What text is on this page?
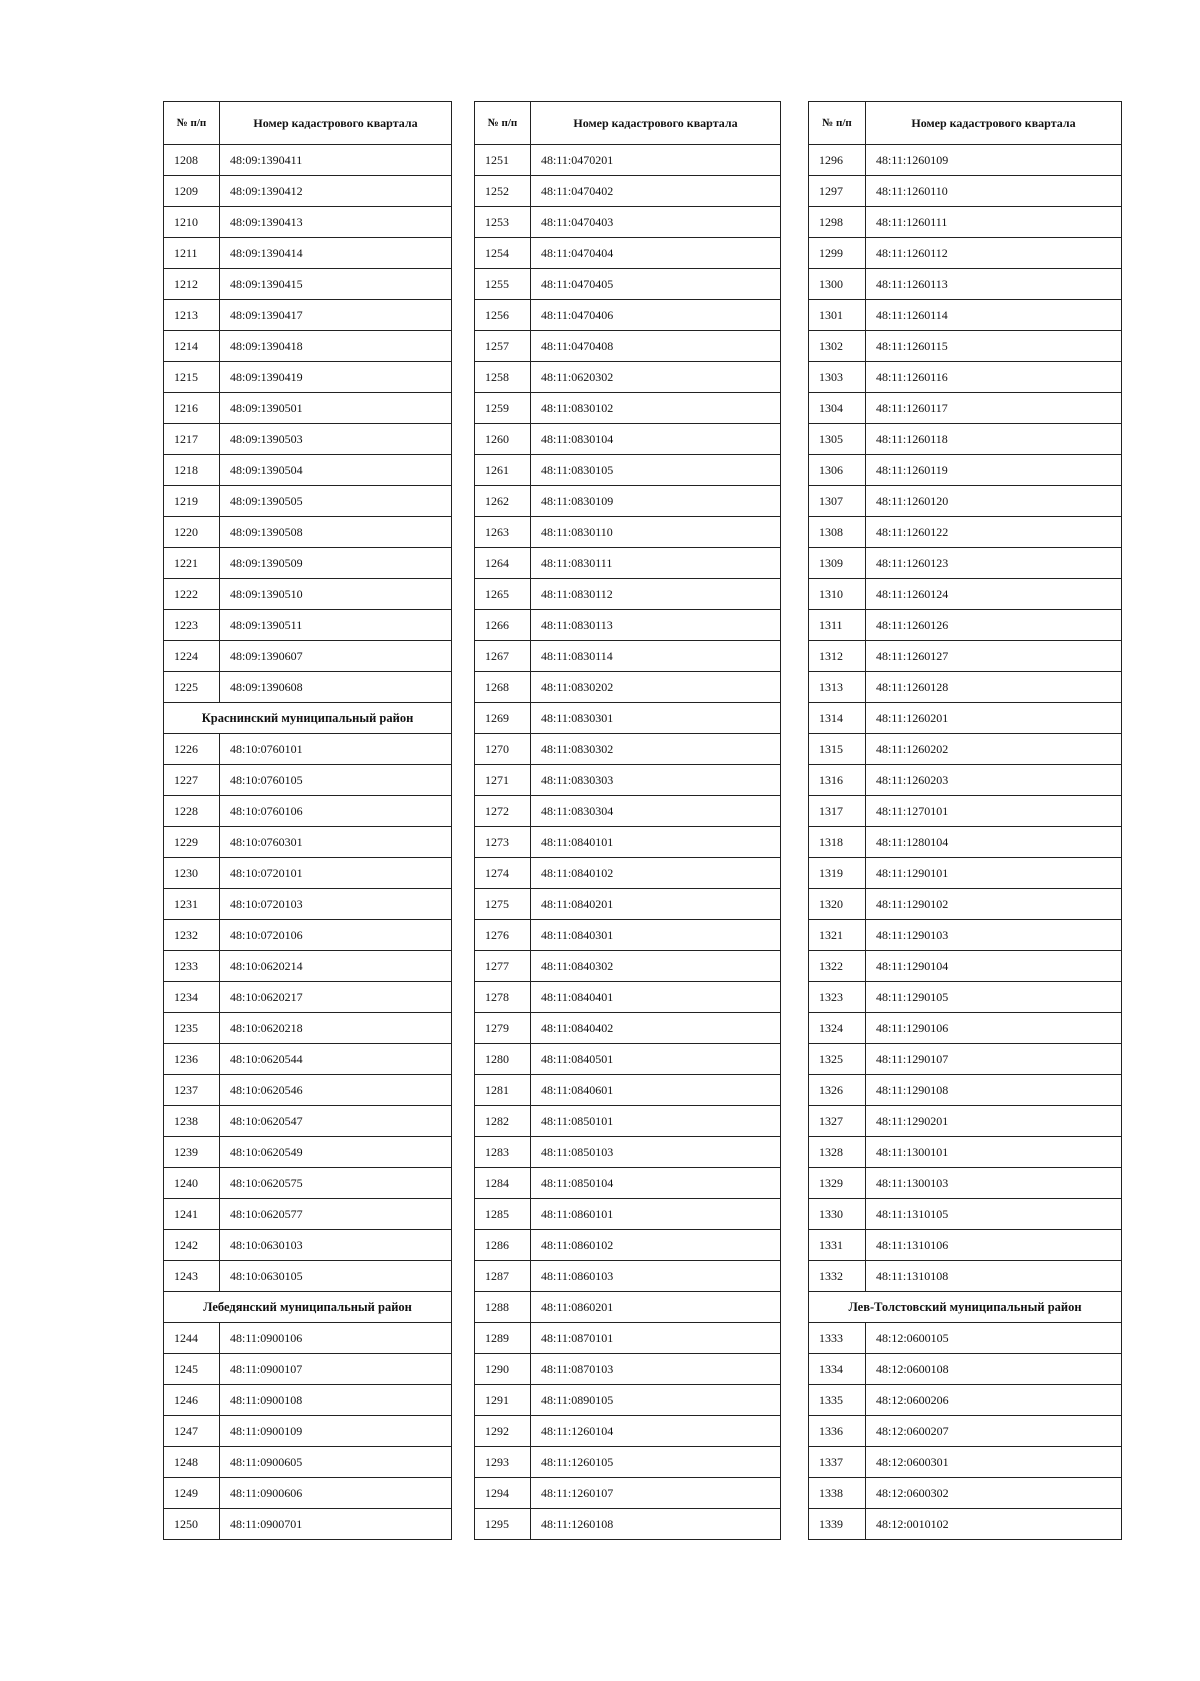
№ п/п	Номер кадастрового квартала
1208	48:09:1390411
1209	48:09:1390412
1210	48:09:1390413
1211	48:09:1390414
1212	48:09:1390415
1213	48:09:1390417
1214	48:09:1390418
1215	48:09:1390419
1216	48:09:1390501
1217	48:09:1390503
1218	48:09:1390504
1219	48:09:1390505
1220	48:09:1390508
1221	48:09:1390509
1222	48:09:1390510
1223	48:09:1390511
1224	48:09:1390607
1225	48:09:1390608
Краснинский муниципальный район	
1226	48:10:0760101
1227	48:10:0760105
1228	48:10:0760106
1229	48:10:0760301
1230	48:10:0720101
1231	48:10:0720103
1232	48:10:0720106
1233	48:10:0620214
1234	48:10:0620217
1235	48:10:0620218
1236	48:10:0620544
1237	48:10:0620546
1238	48:10:0620547
1239	48:10:0620549
1240	48:10:0620575
1241	48:10:0620577
1242	48:10:0630103
1243	48:10:0630105
Лебедянский муниципальный район	
1244	48:11:0900106
1245	48:11:0900107
1246	48:11:0900108
1247	48:11:0900109
1248	48:11:0900605
1249	48:11:0900606
1250	48:11:0900701
№ п/п	Номер кадастрового квартала
1251	48:11:0470201
1252	48:11:0470402
1253	48:11:0470403
1254	48:11:0470404
1255	48:11:0470405
1256	48:11:0470406
1257	48:11:0470408
1258	48:11:0620302
1259	48:11:0830102
1260	48:11:0830104
1261	48:11:0830105
1262	48:11:0830109
1263	48:11:0830110
1264	48:11:0830111
1265	48:11:0830112
1266	48:11:0830113
1267	48:11:0830114
1268	48:11:0830202
1269	48:11:0830301
1270	48:11:0830302
1271	48:11:0830303
1272	48:11:0830304
1273	48:11:0840101
1274	48:11:0840102
1275	48:11:0840201
1276	48:11:0840301
1277	48:11:0840302
1278	48:11:0840401
1279	48:11:0840402
1280	48:11:0840501
1281	48:11:0840601
1282	48:11:0850101
1283	48:11:0850103
1284	48:11:0850104
1285	48:11:0860101
1286	48:11:0860102
1287	48:11:0860103
1288	48:11:0860201
1289	48:11:0870101
1290	48:11:0870103
1291	48:11:0890105
1292	48:11:1260104
1293	48:11:1260105
1294	48:11:1260107
1295	48:11:1260108
№ п/п	Номер кадастрового квартала
1296	48:11:1260109
1297	48:11:1260110
1298	48:11:1260111
1299	48:11:1260112
1300	48:11:1260113
1301	48:11:1260114
1302	48:11:1260115
1303	48:11:1260116
1304	48:11:1260117
1305	48:11:1260118
1306	48:11:1260119
1307	48:11:1260120
1308	48:11:1260122
1309	48:11:1260123
1310	48:11:1260124
1311	48:11:1260126
1312	48:11:1260127
1313	48:11:1260128
1314	48:11:1260201
1315	48:11:1260202
1316	48:11:1260203
1317	48:11:1270101
1318	48:11:1280104
1319	48:11:1290101
1320	48:11:1290102
1321	48:11:1290103
1322	48:11:1290104
1323	48:11:1290105
1324	48:11:1290106
1325	48:11:1290107
1326	48:11:1290108
1327	48:11:1290201
1328	48:11:1300101
1329	48:11:1300103
1330	48:11:1310105
1331	48:11:1310106
1332	48:11:1310108
Лев-Толстовский муниципальный район	
1333	48:12:0600105
1334	48:12:0600108
1335	48:12:0600206
1336	48:12:0600207
1337	48:12:0600301
1338	48:12:0600302
1339	48:12:0010102
